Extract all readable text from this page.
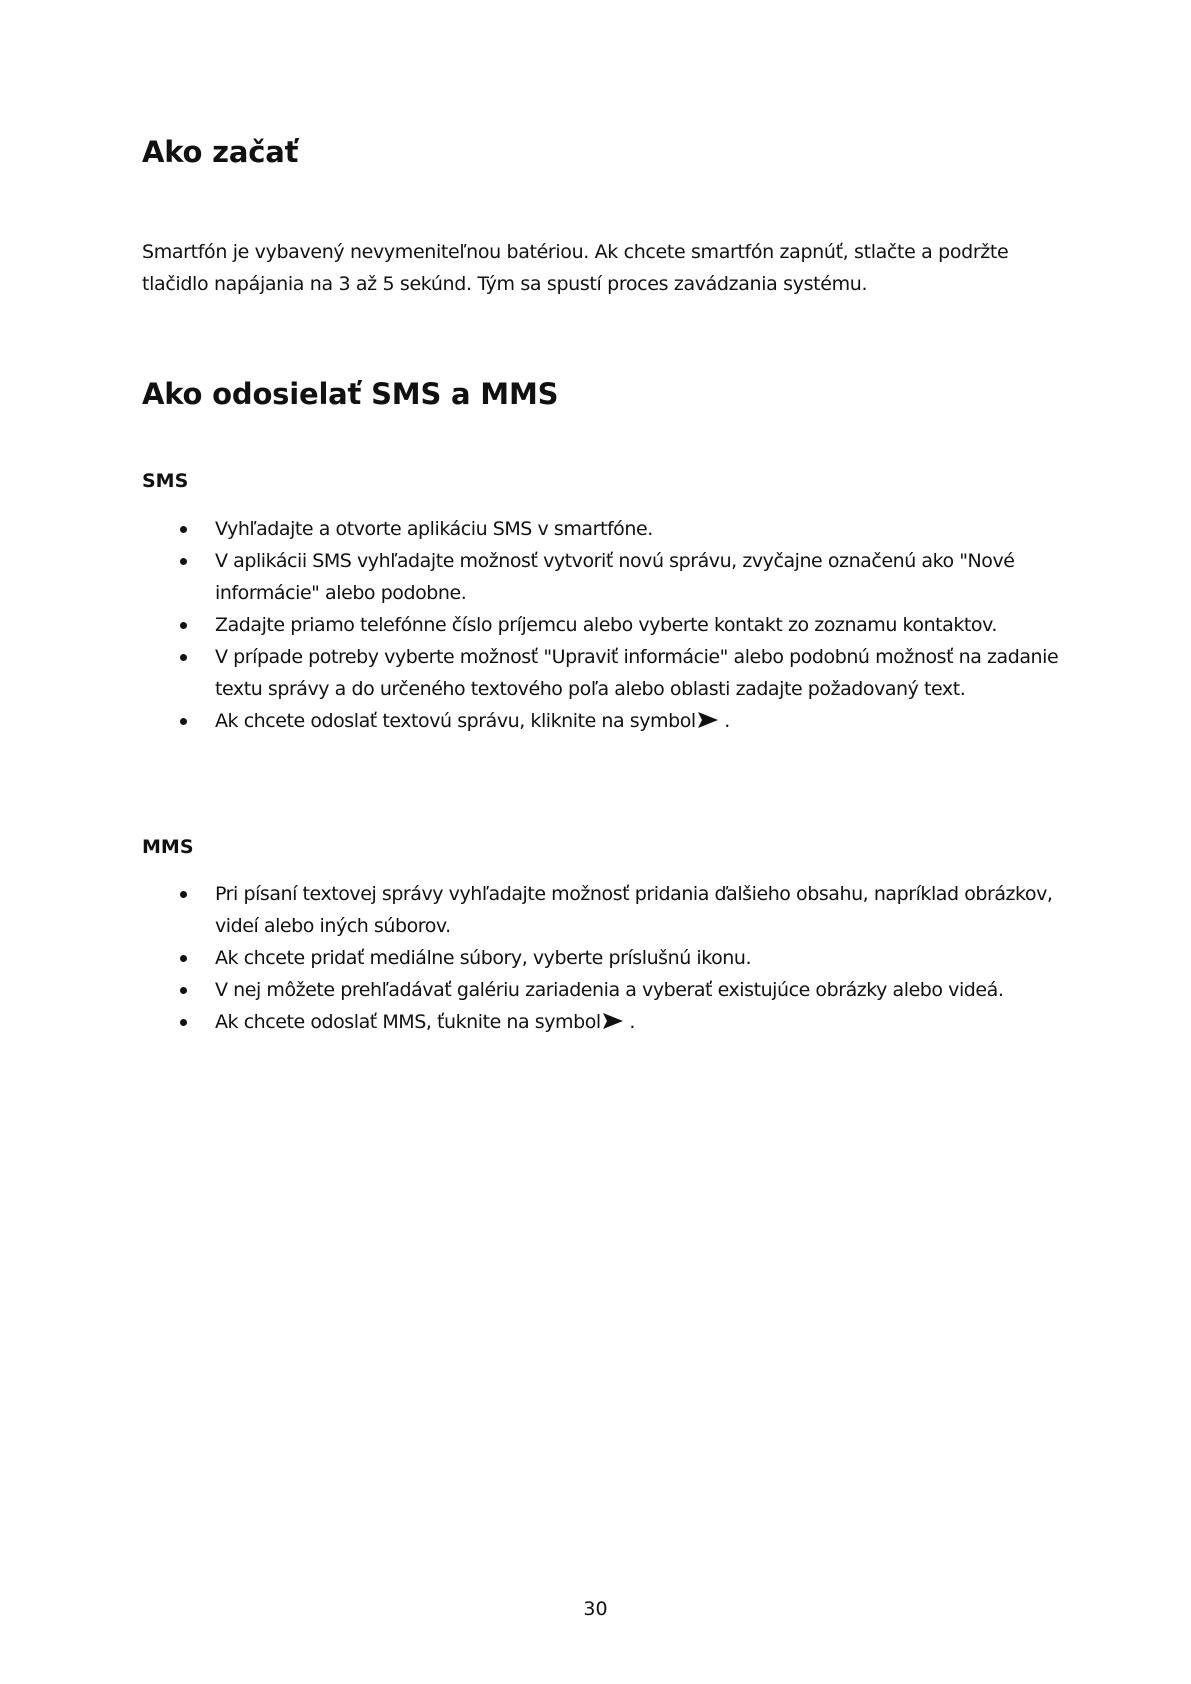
Ako začať

Smartfón je vybavený nevymeniteľnou batériou. Ak chcete smartfón zapnúť, stlačte a podržte tlačidlo napájania na 3 až 5 sekúnd. Tým sa spustí proces zavádzania systému.

Ako odosielať SMS a MMS
SMS
Vyhľadajte a otvorte aplikáciu SMS v smartfóne.
V aplikácii SMS vyhľadajte možnosť vytvoriť novú správu, zvyčajne označenú ako "Nové informácie" alebo podobne.
Zadajte priamo telefónne číslo príjemcu alebo vyberte kontakt zo zoznamu kontaktov.
V prípade potreby vyberte možnosť "Upraviť informácie" alebo podobnú možnosť na zadanie textu správy a do určeného textového poľa alebo oblasti zadajte požadovaný text.
Ak chcete odoslať textovú správu, kliknite na symbol .
MMS
Pri písaní textovej správy vyhľadajte možnosť pridania ďalšieho obsahu, napríklad obrázkov, videí alebo iných súborov.
Ak chcete pridať mediálne súbory, vyberte príslušnú ikonu.
V nej môžete prehľadávať galériu zariadenia a vyberať existujúce obrázky alebo videá.
Ak chcete odoslať MMS, ťuknite na symbol .

30
